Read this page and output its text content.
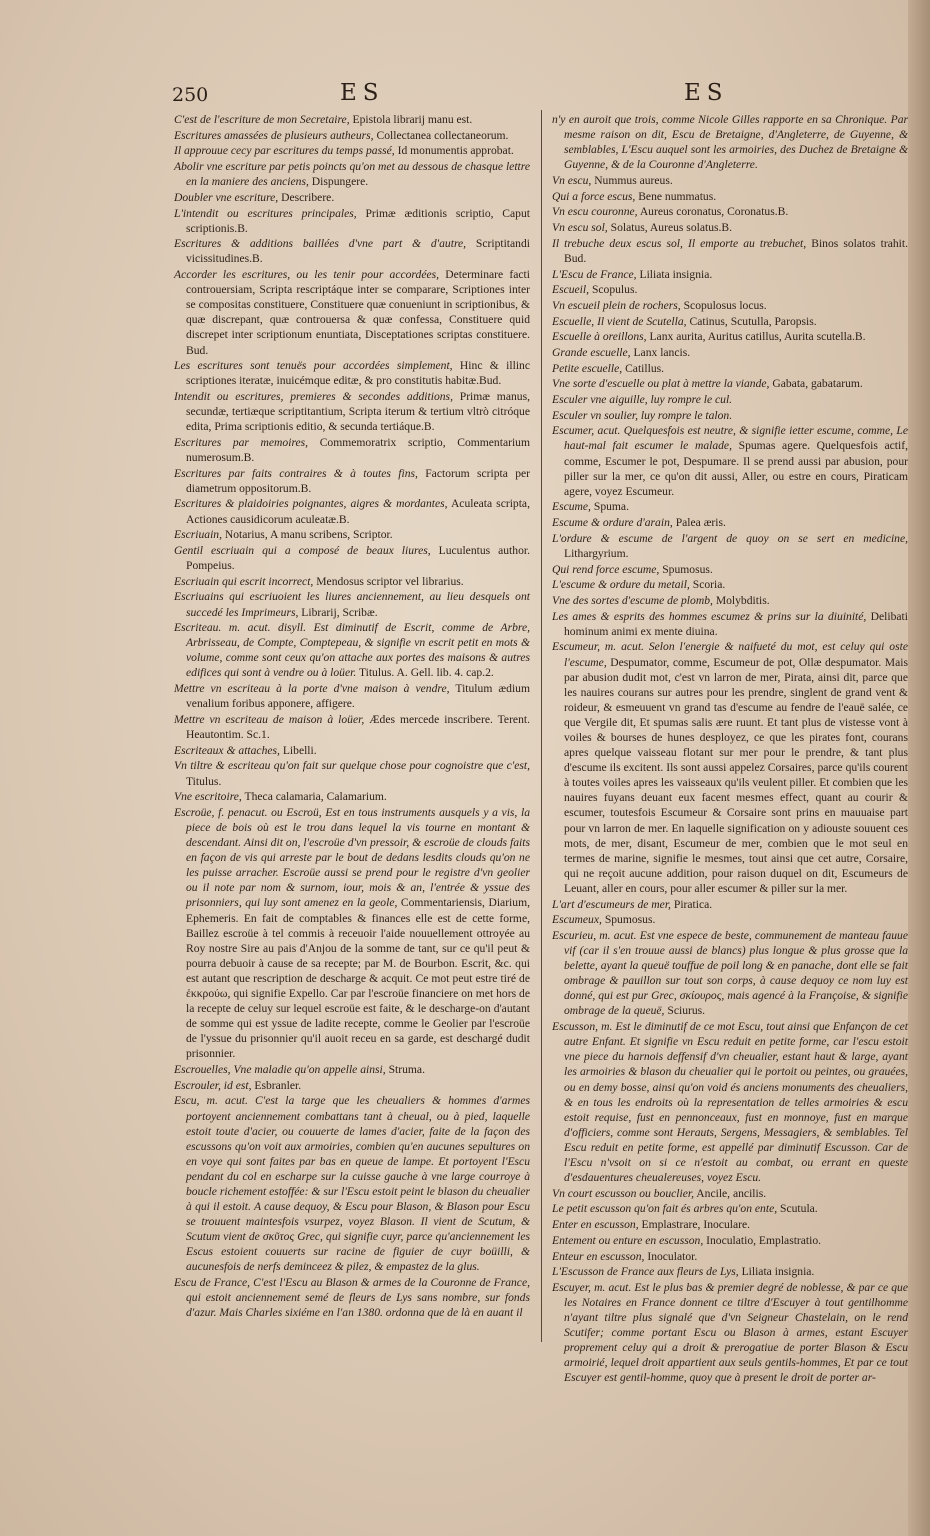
250	ES	ES

C'est de l'escriture de mon Secretaire, Epistola librarij manu est.

Escritures amassées de plusieurs autheurs, Collectanea collectaneorum.

Il approuue cecy par escritures du temps passé, Id monumentis approbat.

Abolir vne escriture par petis poincts qu'on met au dessous de chasque lettre en la maniere des anciens, Dispungere.

Doubler vne escriture, Describere.

L'intendit ou escritures principales, Primæ æditionis scriptio, Caput scriptionis.B.

Escritures & additions baillées d'vne part & d'autre, Scriptitandi vicissitudines.B.

Accorder les escritures, ou les tenir pour accordées, Determinare facti controuersiam, Scripta rescriptáque inter se comparare, Scriptiones inter se compositas constituere, Constituere quæ conueniunt in scriptionibus, & quæ discrepant, quæ controuersa & quæ confessa, Constituere quid discrepet inter scriptionum enuntiata, Disceptationes scriptas constituere. Bud.

Les escritures sont tenuës pour accordées simplement, Hinc & illinc scriptiones iteratæ, inuicémque editæ, & pro constitutis habitæ.Bud.

Intendit ou escritures, premieres & secondes additions, Primæ manus, secundæ, tertiæque scriptitantium, Scripta iterum & tertium vltrò citróque edita, Prima scriptionis editio, & secunda tertiáque.B.

Escritures par memoires, Commemoratrix scriptio, Commentarium numerosum.B.

Escritures par faits contraires & à toutes fins, Factorum scripta per diametrum oppositorum.B.

Escritures & plaidoiries poignantes, aigres & mordantes, Aculeata scripta, Actiones causidicorum aculeatæ.B.

Escriuain, Notarius, A manu scribens, Scriptor.

Gentil escriuain qui a composé de beaux liures, Luculentus author. Pompeius.

Escriuain qui escrit incorrect, Mendosus scriptor vel librarius.

Escriuains qui escriuoient les liures anciennement, au lieu desquels ont succedé les Imprimeurs, Librarij, Scribæ.

Escriteau. m. acut. disyll. Est diminutif de Escrit, comme de Arbre, Arbrisseau, de Compte, Compteреau, & signifie vn escrit petit en mots & volume, comme sont ceux qu'on attache aux portes des maisons & autres edifices qui sont à vendre ou à loüer. Titulus. A. Gell. lib. 4. cap.2.

Mettre vn escriteau à la porte d'vne maison à vendre, Titulum ædium venalium foribus apponere, affigere.

Mettre vn escriteau de maison à loüer, Ædes mercede inscribere. Terent. Heautontim. Sc.1.

Escriteaux & attaches, Libelli.

Vn tiltre & escriteau qu'on fait sur quelque chose pour cognoistre que c'est, Titulus.

Vne escritoire, Theca calamaria, Calamarium.

Escroüe, f. penacut. ou Escroü, Est en tous instruments ausquels y a vis, la piece de bois où est le trou dans lequel la vis tourne en montant & descendant. Ainsi dit on, l'escroüe d'vn pressoir, & escroüe de clouds faits en façon de vis qui arreste par le bout de dedans lesdits clouds qu'on ne les puisse arracher. Escroüe aussi se prend pour le registre d'vn geolier ou il note par nom & surnom, iour, mois & an, l'entrée & yssue des prisonniers, qui luy sont amenez en la geole, Commentariensis, Diarium, Ephemeris. En fait de comptables & finances elle est de cette forme, Baillez escroüe à tel commis à receuoir l'aide nouuellement ottroyée au Roy nostre Sire au pais d'Anjou de la somme de tant, sur ce qu'il peut & pourra debuoir à cause de sa recepte; par M. de Bourbon. Escrit, &c. qui est autant que rescription de descharge & acquit. Ce mot peut estre tiré de ἐκκρούω, qui signifie Expello. Car par l'escroüe financiere on met hors de la recepte de celuy sur lequel escroüe est faite, & le descharge-on d'autant de somme qui est yssue de ladite recepte, comme le Geolier par l'escroüe de l'yssue du prisonnier qu'il auoit receu en sa garde, est deschargé dudit prisonnier.

Escrouelles, Vne maladie qu'on appelle ainsi, Struma.

Escrouler, id est, Esbranler.

Escu, m. acut. C'est la targe que les cheualiers & hommes d'armes portoyent anciennement combattans tant à cheual, ou à pied, laquelle estoit toute d'acier, ou couuerte de lames d'acier, faite de la façon des escussons qu'on voit aux armoiries, combien qu'en aucunes sepultures on en voye qui sont faites par bas en queue de lampe. Et portoyent l'Escu pendant du col en escharpe sur la cuisse gauche à vne large courroye à boucle richement estoffée: & sur l'Escu estoit peint le blason du cheualier à qui il estoit. A cause dequoy, & Escu pour Blason, & Blason pour Escu se trouuent maintesfois vsurpez, voyez Blason. Il vient de Scutum, & Scutum vient de σκῦτος Grec, qui signifie cuyr, parce qu'anciennement les Escus estoient couuerts sur racine de figuier de cuyr boüilli, & aucunesfois de nerfs deminceez & pilez, & empastez de la glus.

Escu de France, C'est l'Escu au Blason & armes de la Couronne de France, qui estoit anciennement semé de fleurs de Lys sans nombre, sur fonds d'azur. Mais Charles sixiéme en l'an 1380. ordonna que de là en auant il

n'y en auroit que trois, comme Nicole Gilles rapporte en sa Chronique. Par mesme raison on dit, Escu de Bretaigne, d'Angleterre, de Guyenne, & semblables, L'Escu auquel sont les armoiries, des Duchez de Bretaigne & Guyenne, & de la Couronne d'Angleterre.

Vn escu, Nummus aureus.

Qui a force escus, Bene nummatus.

Vn escu couronne, Aureus coronatus, Coronatus.B.

Vn escu sol, Solatus, Aureus solatus.B.

Il trebuche deux escus sol, Il emporte au trebuchet, Binos solatos trahit. Bud.

L'Escu de France, Liliata insignia.

Escueil, Scopulus.

Vn escueil plein de rochers, Scopulosus locus.

Escuelle, Il vient de Scutella, Catinus, Scutulla, Paropsis.

Escuelle à oreillons, Lanx aurita, Auritus catillus, Aurita scutella.B.

Grande escuelle, Lanx lancis.

Petite escuelle, Catillus.

Vne sorte d'escuelle ou plat à mettre la viande, Gabata, gabatarum.

Esculer vne aiguille, luy rompre le cul.

Esculer vn soulier, luy rompre le talon.

Escumer, acut. Quelquesfois est neutre, & signifie ietter escume, comme, Le haut-mal fait escumer le malade, Spumas agere. Quelquesfois actif, comme, Escumer le pot, Despumare. Il se prend aussi par abusion, pour piller sur la mer, ce qu'on dit aussi, Aller, ou estre en cours, Piraticam agere, voyez Escumeur.

Escume, Spuma.

Escume & ordure d'arain, Palea æris.

L'ordure & escume de l'argent de quoy on se sert en medicine, Lithargyrium.

Qui rend force escume, Spumosus.

L'escume & ordure du metail, Scoria.

Vne des sortes d'escume de plomb, Molybditis.

Les ames & esprits des hommes escumez & prins sur la diuinité, Delibati hominum animi ex mente diuina.

Escumeur, m. acut. Selon l'energie & naifueté du mot, est celuy qui oste l'escume, Despumator, comme, Escumeur de pot, Ollæ despumator. Mais par abusion dudit mot, c'est vn larron de mer, Pirata, ainsi dit, parce que les nauires courans sur autres pour les prendre, singlent de grand vent & roideur, & esmeuuent vn grand tas d'escume au fendre de l'eauë salée, ce que Vergile dit, Et spumas salis ære ruunt. Et tant plus de vistesse vont à voiles & bourses de hunes desployez, ce que les pirates font, courans apres quelque vaisseau flotant sur mer pour le prendre, & tant plus d'escume ils excitent. Ils sont aussi appelez Corsaires, parce qu'ils courent à toutes voiles apres les vaisseaux qu'ils veulent piller. Et combien que les nauires fuyans deuant eux facent mesmes effect, quant au courir & escumer, toutesfois Escumeur & Corsaire sont prins en mauuaise part pour vn larron de mer. En laquelle signification on y adiouste souuent ces mots, de mer, disant, Escumeur de mer, combien que le mot seul en termes de marine, signifie le mesmes, tout ainsi que cet autre, Corsaire, qui ne reçoit aucune addition, pour raison duquel on dit, Escumeurs de Leuant, aller en cours, pour aller escumer & piller sur la mer.

L'art d'escumeurs de mer, Piratica.

Escumeux, Spumosus.

Escurieu, m. acut. Est vne espece de beste, communement de manteau fauue vif (car il s'en trouue aussi de blancs) plus longue & plus grosse que la belette, ayant la queuë touffue de poil long & en panache, dont elle se fait ombrage & pauillon sur tout son corps, à cause dequoy ce nom luy est donné, qui est pur Grec, σκίουρος, mais agencé à la Françoise, & signifie ombrage de la queuë, Sciurus.

Escusson, m. Est le diminutif de ce mot Escu, tout ainsi que Enfançon de cet autre Enfant. Et signifie vn Escu reduit en petite forme, car l'escu estoit vne piece du harnois deffensif d'vn cheualier, estant haut & large, ayant les armoiries & blason du cheualier qui le portoit ou peintes, ou grauées, ou en demy bosse, ainsi qu'on void és anciens monuments des cheualiers, & en tous les endroits où la representation de telles armoiries & escu estoit requise, fust en pennonceaux, fust en monnoye, fust en marque d'officiers, comme sont Herauts, Sergens, Messagiers, & semblables. Tel Escu reduit en petite forme, est appellé par diminutif Escusson. Car de l'Escu n'vsoit on si ce n'estoit au combat, ou errant en queste d'esdauentures cheualereuses, voyez Escu.

Vn court escusson ou bouclier, Ancile, ancilis.

Le petit escusson qu'on fait és arbres qu'on ente, Scutula.

Enter en escusson, Emplastrare, Inoculare.

Entement ou enture en escusson, Inoculatio, Emplastratio.

Enteur en escusson, Inoculator.

L'Escusson de France aux fleurs de Lys, Liliata insignia.

Escuyer, m. acut. Est le plus bas & premier degré de noblesse, & par ce que les Notaires en France donnent ce tiltre d'Escuyer à tout gentilhomme n'ayant tiltre plus signalé que d'vn Seigneur Chastelain, on le rend Scutifer; comme portant Escu ou Blason à armes, estant Escuyer proprement celuy qui a droit & prerogatiue de porter Blason & Escu armoirié, lequel droit appartient aux seuls gentils-hommes, Et par ce tout Escuyer est gentil-homme, quoy que à present le droit de porter ar-
